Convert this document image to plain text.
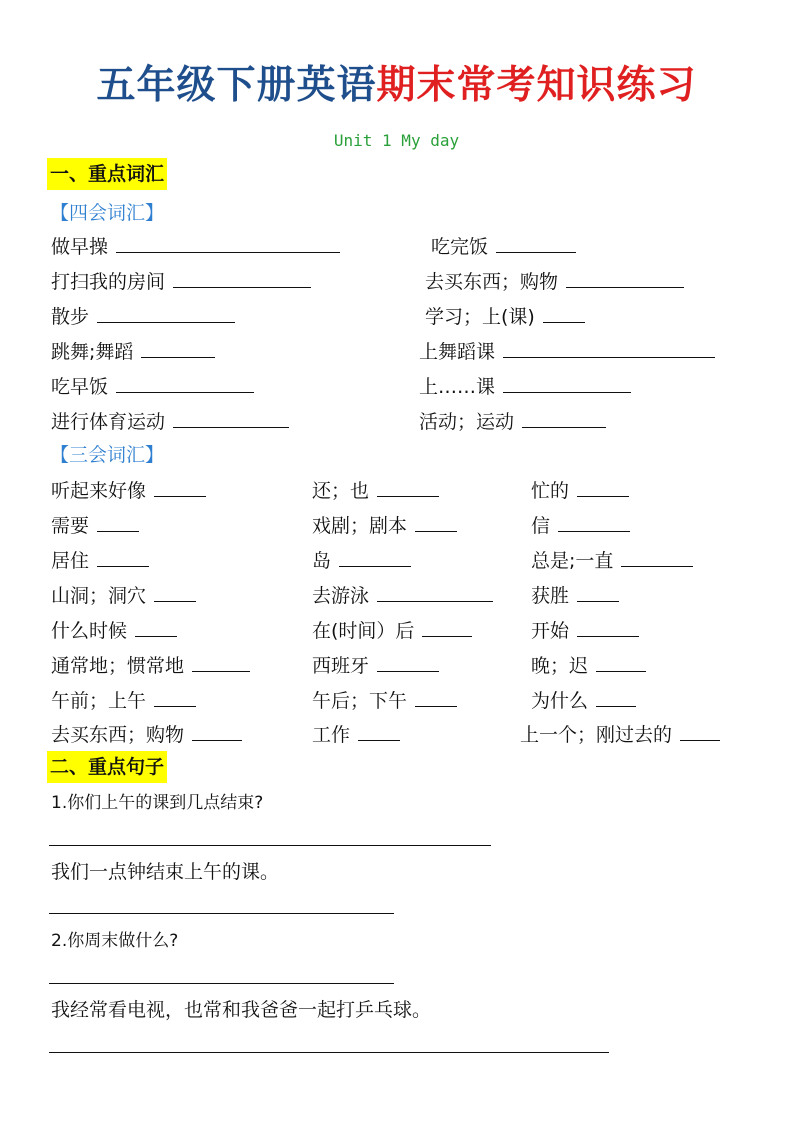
五年级下册英语期末常考知识练习
Unit 1 My day
一、重点词汇
【四会词汇】
做早操
打扫我的房间
散步
跳舞;舞蹈
吃早饭
进行体育运动
吃完饭
去买东西；购物
学习；上(课)
上舞蹈课
上……课
活动；运动
【三会词汇】
听起来好像
需要
居住
山洞；洞穴
什么时候
通常地；惯常地
午前；上午
去买东西；购物
还；也
戏剧；剧本
岛
去游泳
在(时间）后
西班牙
午后；下午
工作
忙的
信
总是;一直
获胜
开始
晚；迟
为什么
上一个；刚过去的
二、重点句子
1.你们上午的课到几点结束?
我们一点钟结束上午的课。
2.你周末做什么?
我经常看电视，也常和我爸爸一起打乒乓球。
